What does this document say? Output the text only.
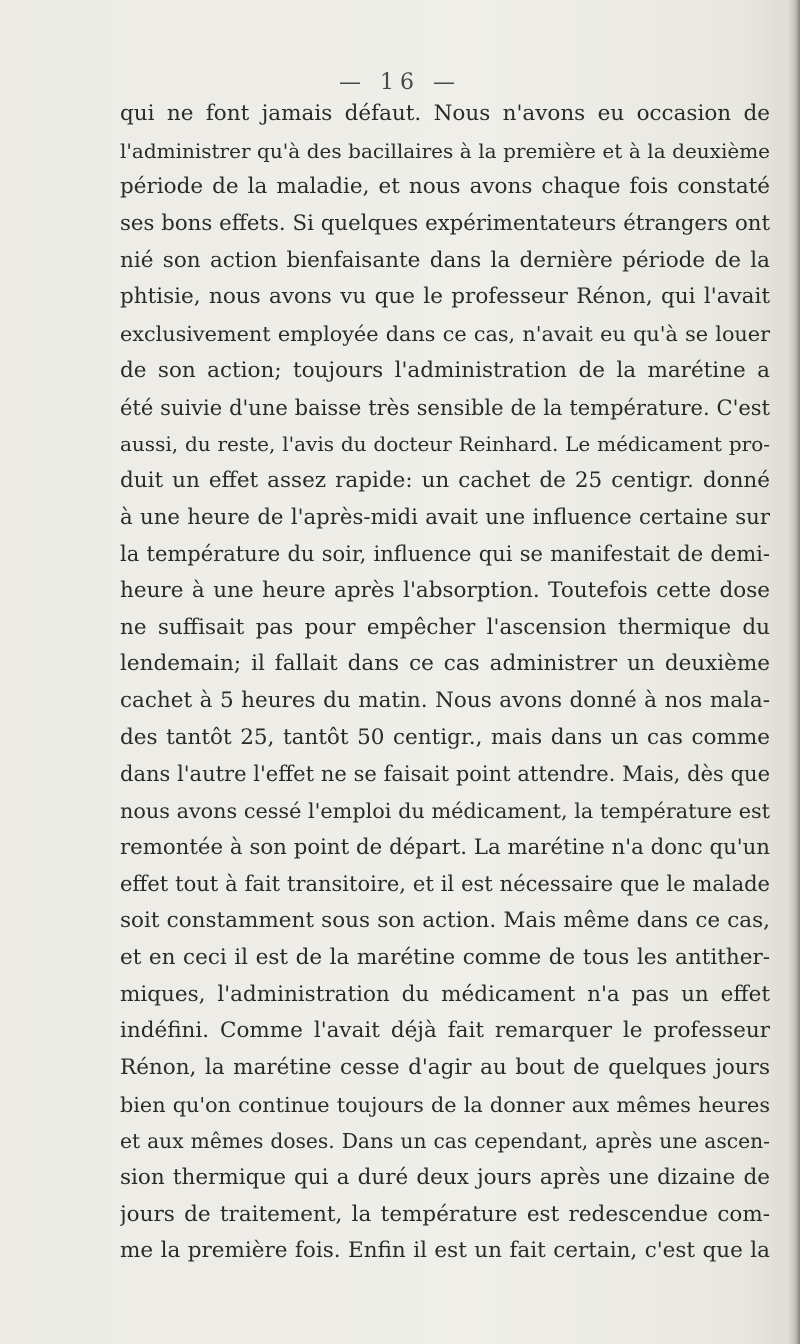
— 16 —
qui ne font jamais défaut. Nous n'avons eu occasion de
l'administrer qu'à des bacillaires à la première et à la deuxième
période de la maladie, et nous avons chaque fois constaté
ses bons effets. Si quelques expérimentateurs étrangers ont
nié son action bienfaisante dans la dernière période de la
phtisie, nous avons vu que le professeur Rénon, qui l'avait
exclusivement employée dans ce cas, n'avait eu qu'à se louer
de son action; toujours l'administration de la marétine a
été suivie d'une baisse très sensible de la température. C'est
aussi, du reste, l'avis du docteur Reinhard. Le médicament pro-
duit un effet assez rapide: un cachet de 25 centigr. donné
à une heure de l'après-midi avait une influence certaine sur
la température du soir, influence qui se manifestait de demi-
heure à une heure après l'absorption. Toutefois cette dose
ne suffisait pas pour empêcher l'ascension thermique du
lendemain; il fallait dans ce cas administrer un deuxième
cachet à 5 heures du matin. Nous avons donné à nos mala-
des tantôt 25, tantôt 50 centigr., mais dans un cas comme
dans l'autre l'effet ne se faisait point attendre. Mais, dès que
nous avons cessé l'emploi du médicament, la température est
remontée à son point de départ. La marétine n'a donc qu'un
effet tout à fait transitoire, et il est nécessaire que le malade
soit constamment sous son action. Mais même dans ce cas,
et en ceci il est de la marétine comme de tous les antither-
miques, l'administration du médicament n'a pas un effet
indéfini. Comme l'avait déjà fait remarquer le professeur
Rénon, la marétine cesse d'agir au bout de quelques jours
bien qu'on continue toujours de la donner aux mêmes heures
et aux mêmes doses. Dans un cas cependant, après une ascen-
sion thermique qui a duré deux jours après une dizaine de
jours de traitement, la température est redescendue com-
me la première fois. Enfin il est un fait certain, c'est que la
